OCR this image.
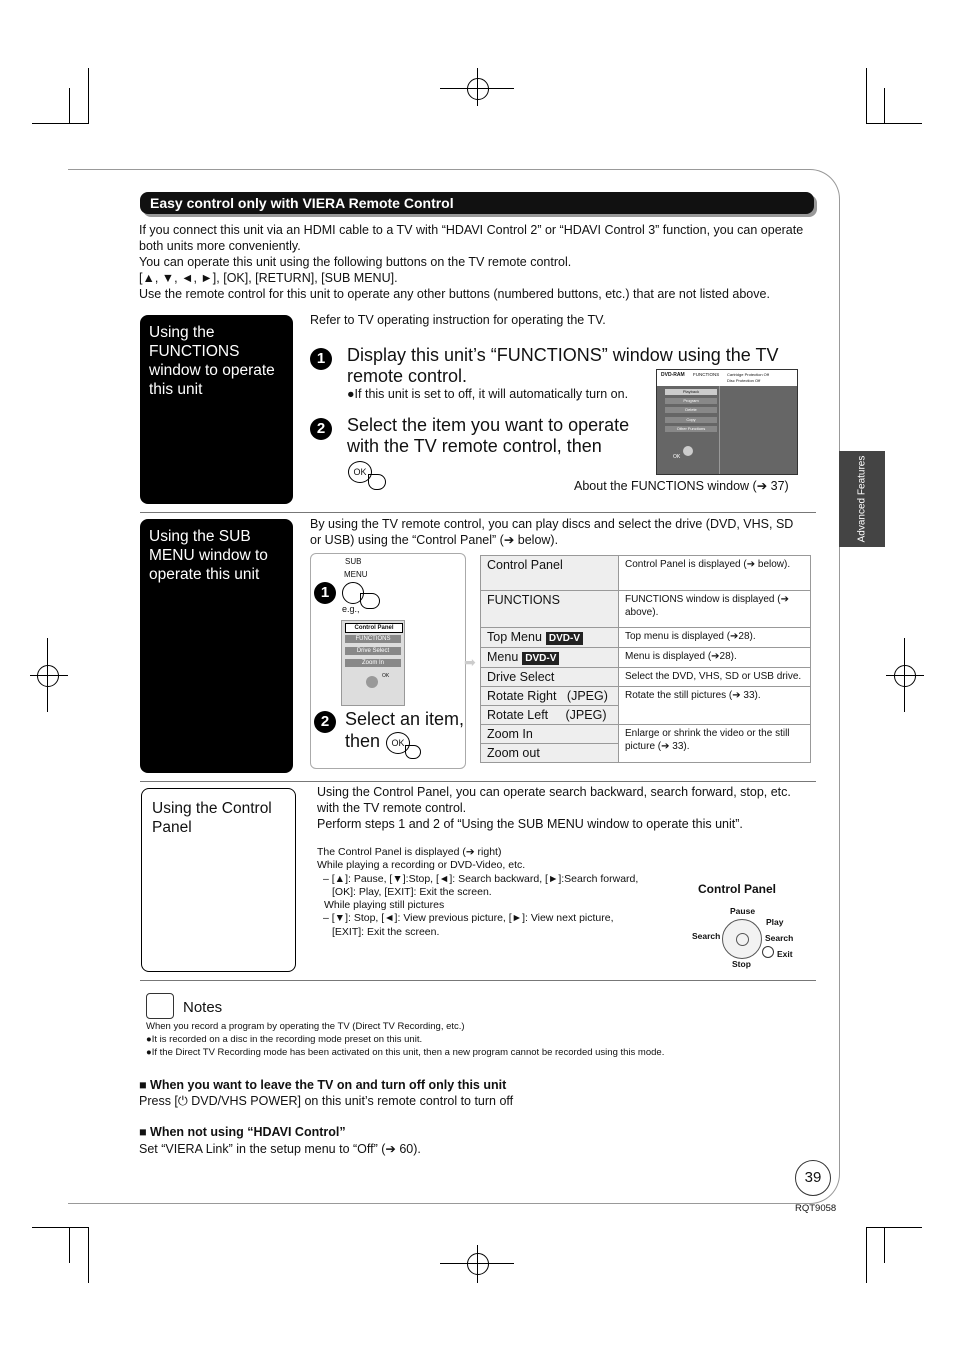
Easy control only with VIERA Remote Control

If you connect this unit via an HDMI cable to a TV with “HDAVI Control 2” or “HDAVI Control 3” function, you can operate both units more conveniently.

You can operate this unit using the following buttons on the TV remote control.

[▲, ▼, ◄, ►], [OK], [RETURN], [SUB MENU].

Use the remote control for this unit to operate any other buttons (numbered buttons, etc.) that are not listed above.

Using the FUNCTIONS window to operate this unit
Refer to TV operating instruction for operating the TV.
1	Display this unit’s “FUNCTIONS” window using the TV remote control.
●If this unit is set to off, it will automatically turn on.
2	Select the item you want to operate with the TV remote control, then
OK
About the FUNCTIONS window (➔ 37)
DVD-RAM FUNCTIONS Cartridge Protection Off
Disc Protection Off
Playback
Program
Delete
Copy
Other Functions
OK
Using the SUB MENU window to operate this unit
By using the TV remote control, you can play discs and select the drive (DVD, VHS, SD or USB) using the “Control Panel” (➔ below).
1
SUB
MENU
e.g.,
Control Panel
FUNCTIONS
Drive Select
Zoom In
OK
2 Select an item,
then	OK
➡
Control Panel	Control Panel is displayed (➔ below).
FUNCTIONS	FUNCTIONS window is displayed (➔ above).
Top Menu DVD-V	Top menu is displayed (➔28).
Menu DVD-V	Menu is displayed (➔28).
Drive Select	Select the DVD, VHS, SD or USB drive.
Rotate Right   (JPEG)	Rotate the still pictures (➔ 33).
Rotate Left     (JPEG)	
Zoom In	Enlarge or shrink the video or the still picture (➔ 33).
Zoom out	
Using the Control Panel
Using the Control Panel, you can operate search backward, search forward, stop, etc. with the TV remote control.
Perform steps 1 and 2 of “Using the SUB MENU window to operate this unit”.
The Control Panel is displayed (➔ right)
While playing a recording or DVD-Video, etc.
– [▲]: Pause, [▼]:Stop, [◄]: Search backward, [►]:Search forward,
[OK]: Play, [EXIT]: Exit the screen.
While playing still pictures
– [▼]: Stop, [◄]: View previous picture, [►]: View next picture,
[EXIT]: Exit the screen.
Control Panel
Pause
Play
Search	Search
Exit
Stop
Notes
When you record a program by operating the TV (Direct TV Recording, etc.)
●It is recorded on a disc in the recording mode preset on this unit.
●If the Direct TV Recording mode has been activated on this unit, then a new program cannot be recorded using this mode.
■ When you want to leave the TV on and turn off only this unit
Press [⏻ DVD/VHS POWER] on this unit’s remote control to turn off
■ When not using “HDAVI Control”
Set “VIERA Link” in the setup menu to “Off” (➔ 60).
Advanced Features
39
RQT9058
